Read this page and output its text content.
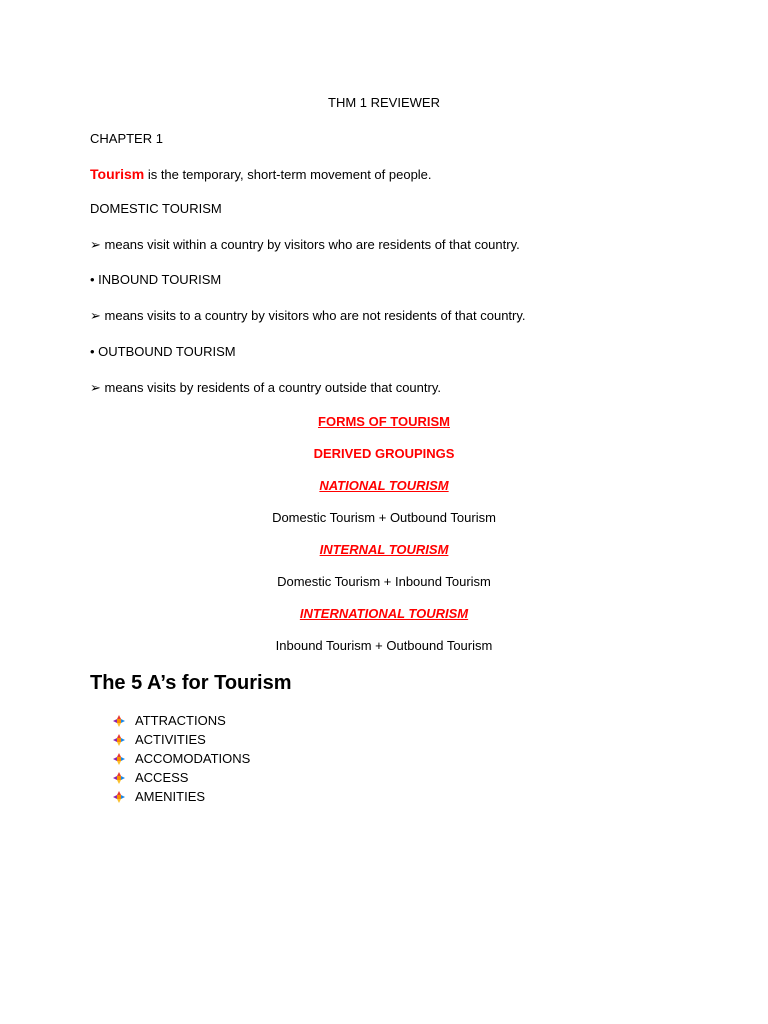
THM 1 REVIEWER
CHAPTER 1
Tourism is the temporary, short-term movement of people.
DOMESTIC TOURISM
➢ means visit within a country by visitors who are residents of that country.
• INBOUND TOURISM
➢ means visits to a country by visitors who are not residents of that country.
• OUTBOUND TOURISM
➢ means visits by residents of a country outside that country.
FORMS OF TOURISM
DERIVED GROUPINGS
NATIONAL TOURISM
Domestic Tourism + Outbound Tourism
INTERNAL TOURISM
Domestic Tourism + Inbound Tourism
INTERNATIONAL TOURISM
Inbound Tourism + Outbound Tourism
The 5 A’s for Tourism
ATTRACTIONS
ACTIVITIES
ACCOMODATIONS
ACCESS
AMENITIES
